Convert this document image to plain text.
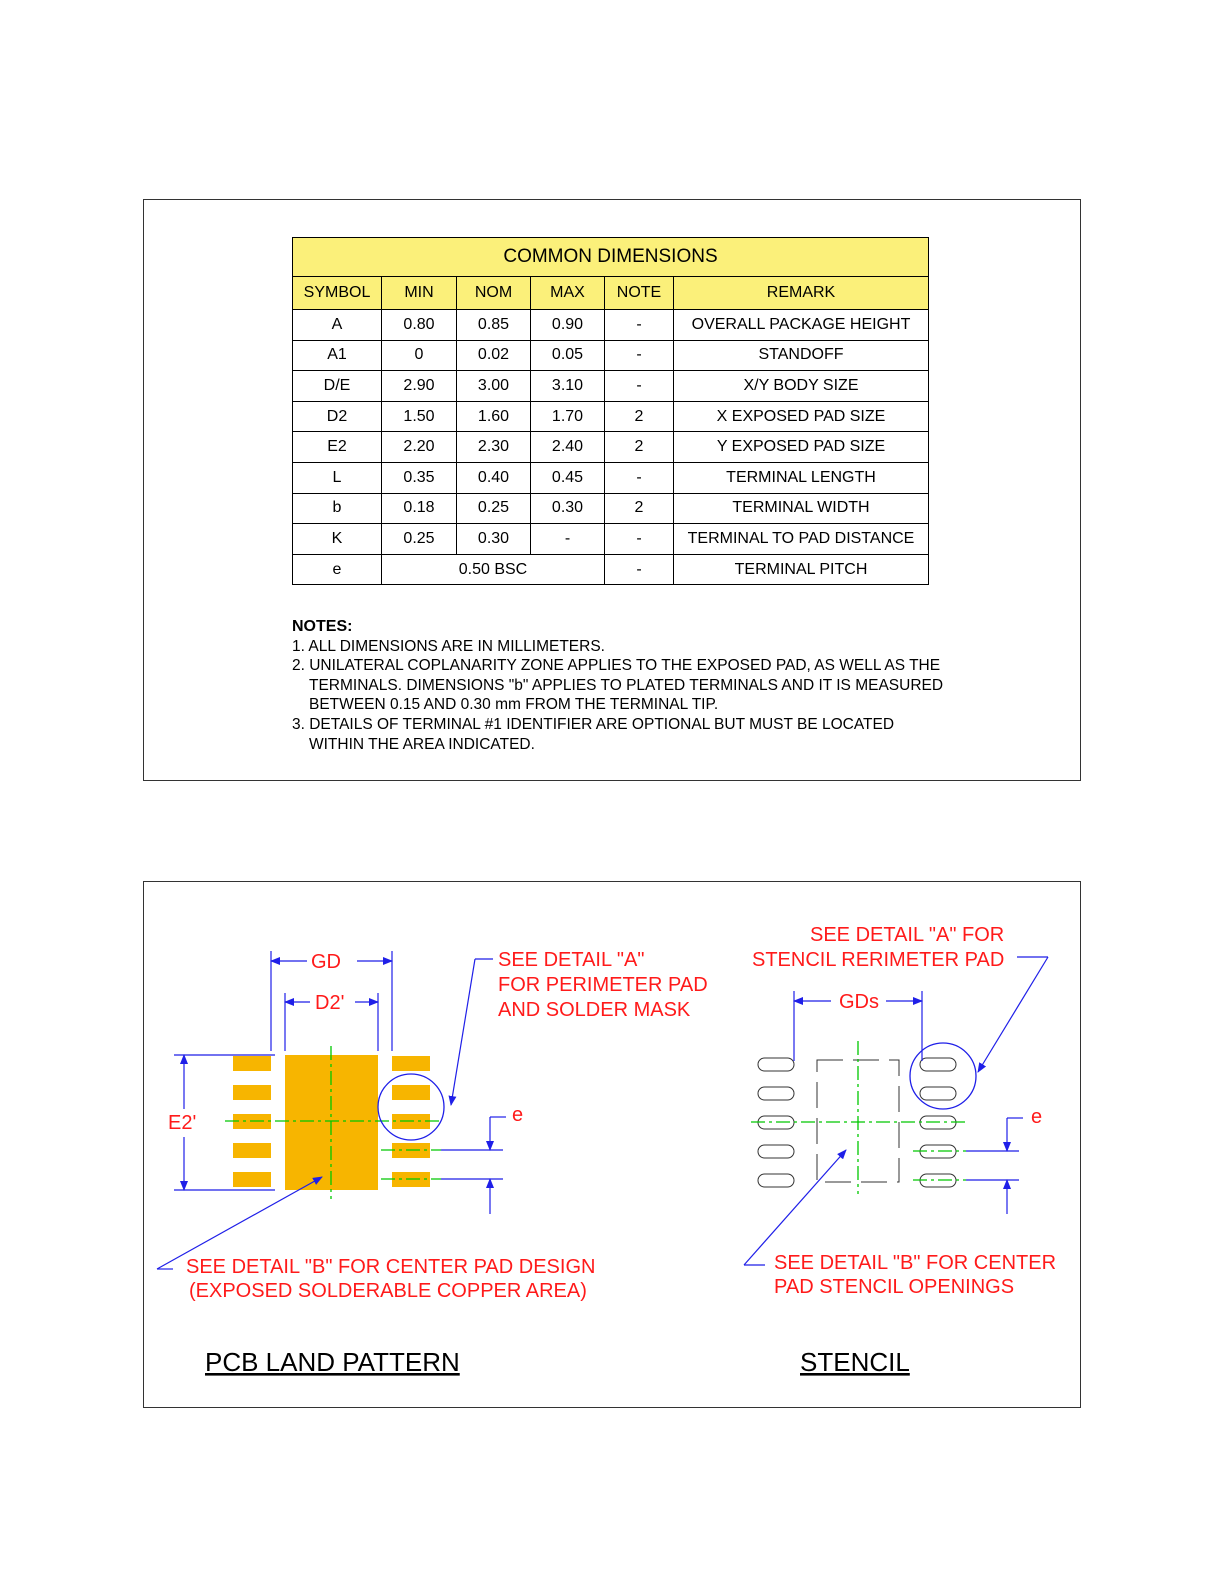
COMMON DIMENSIONS					
SYMBOL	MIN	NOM	MAX	NOTE	REMARK
A	0.80	0.85	0.90	-	OVERALL PACKAGE HEIGHT
A1	0	0.02	0.05	-	STANDOFF
D/E	2.90	3.00	3.10	-	X/Y BODY SIZE
D2	1.50	1.60	1.70	2	X EXPOSED PAD SIZE
E2	2.20	2.30	2.40	2	Y EXPOSED PAD SIZE
L	0.35	0.40	0.45	-	TERMINAL LENGTH
b	0.18	0.25	0.30	2	TERMINAL WIDTH
K	0.25	0.30	-	-	TERMINAL TO PAD DISTANCE
e	0.50 BSC			-	TERMINAL PITCH
NOTES:
1. ALL DIMENSIONS ARE IN MILLIMETERS.
2. UNILATERAL COPLANARITY ZONE APPLIES TO THE EXPOSED PAD, AS WELL AS THE TERMINALS. DIMENSIONS "b" APPLIES TO PLATED TERMINALS AND IT IS MEASURED BETWEEN 0.15 AND 0.30 mm FROM THE TERMINAL TIP.
3. DETAILS OF TERMINAL #1 IDENTIFIER ARE OPTIONAL BUT MUST BE LOCATED WITHIN THE AREA INDICATED.
GD
D2'
E2'	e
SEE DETAIL "A"
FOR PERIMETER PAD
AND SOLDER MASK
SEE DETAIL "B" FOR CENTER PAD DESIGN
(EXPOSED SOLDERABLE COPPER AREA)
PCB LAND PATTERN
GDs
e
SEE DETAIL "A" FOR
STENCIL RERIMETER PAD
SEE DETAIL "B" FOR CENTER
PAD STENCIL OPENINGS
STENCIL
